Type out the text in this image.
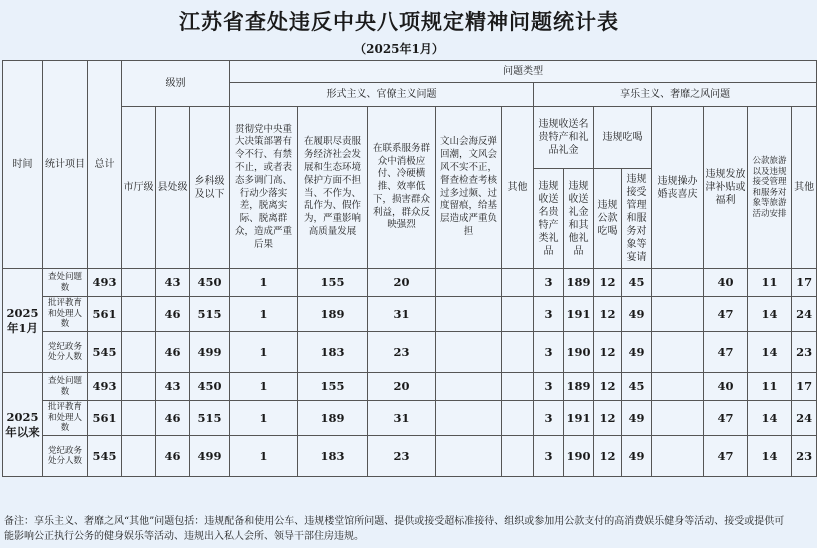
江苏省查处违反中央八项规定精神问题统计表
（2025年1月）
时间	统计项目	总计	级别			问题类型												
						形式主义、官僚主义问题					享乐主义、奢靡之风问题							
			市厅级	县处级	乡科级及以下	贯彻党中央重大决策部署有令不行、有禁不止，或者表态多调门高、行动少落实差，脱离实际、脱离群众，造成严重后果	在履职尽责服务经济社会发展和生态环境保护方面不担当、不作为、乱作为、假作为，严重影响高质量发展	在联系服务群众中消极应付、冷硬横推、效率低下，损害群众利益，群众反映强烈	文山会海反弹回潮，文风会风不实不正，督查检查考核过多过频、过度留痕，给基层造成严重负担	其他	违规收送名贵特产和礼品礼金		违规吃喝		违规操办婚丧喜庆	违规发放津补贴或福利	公款旅游以及违规接受管理和服务对象等旅游活动安排	其他
											违规收送名贵特产类礼品	违规收送礼金和其他礼品	违规公款吃喝	违规接受管理和服务对象等宴请				
2025年1月	查处问题数	493		43	450	1	155	20			3	189	12	45		40	11	17
	批评教育和处理人数	561		46	515	1	189	31			3	191	12	49		47	14	24
	党纪政务处分人数	545		46	499	1	183	23			3	190	12	49		47	14	23
2025年以来	查处问题数	493		43	450	1	155	20			3	189	12	45		40	11	17
	批评教育和处理人数	561		46	515	1	189	31			3	191	12	49		47	14	24
	党纪政务处分人数	545		46	499	1	183	23			3	190	12	49		47	14	23
备注：享乐主义、奢靡之风“其他”问题包括：违规配备和使用公车、违规楼堂馆所问题、提供或接受超标准接待、组织或参加用公款支付的高消费娱乐健身等活动、接受或提供可能影响公正执行公务的健身娱乐等活动、违规出入私人会所、领导干部住房违规。
